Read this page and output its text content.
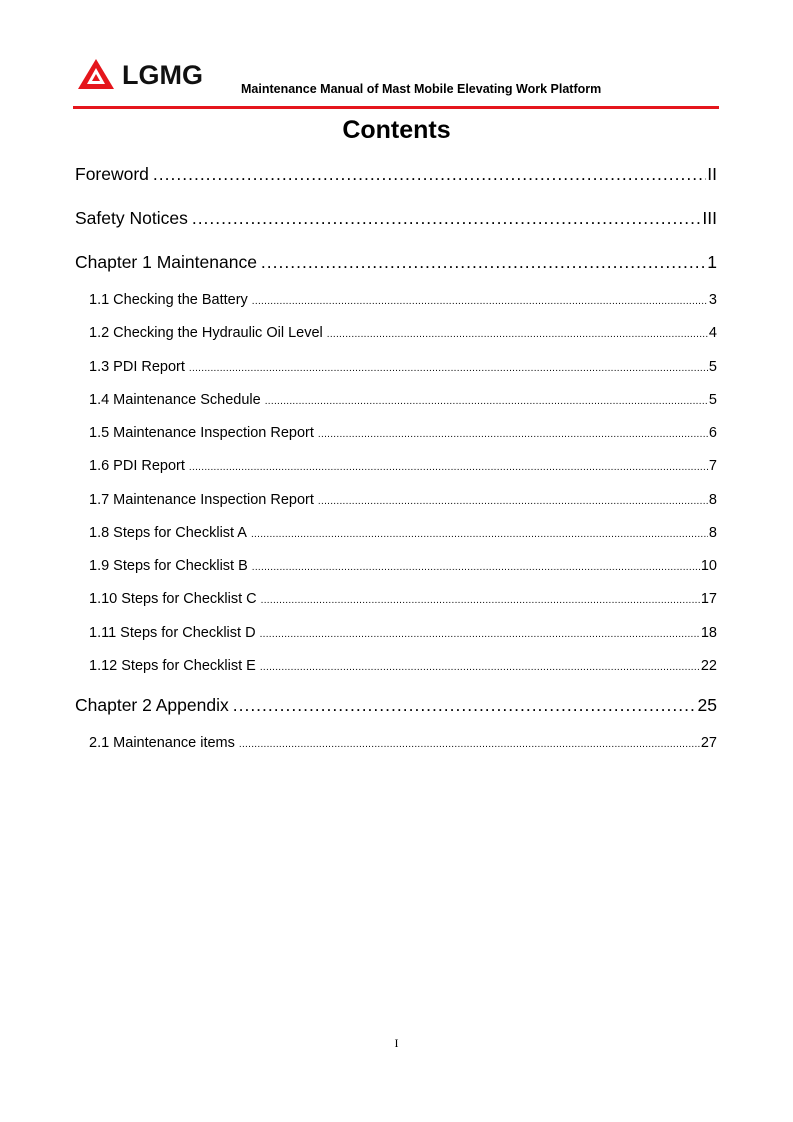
LGMG	Maintenance Manual of Mast Mobile Elevating Work Platform
Contents
Foreword .....	II
Safety Notices .....	III
Chapter 1 Maintenance .....	1
1.1 Checking the Battery .....	3
1.2 Checking the Hydraulic Oil Level .....	4
1.3 PDI Report .....	5
1.4 Maintenance Schedule .....	5
1.5 Maintenance Inspection Report .....	6
1.6 PDI Report .....	7
1.7 Maintenance Inspection Report .....	8
1.8 Steps for Checklist A .....	8
1.9 Steps for Checklist B .....	10
1.10 Steps for Checklist C .....	17
1.11 Steps for Checklist D .....	18
1.12 Steps for Checklist E .....	22
Chapter 2 Appendix .....	25
2.1 Maintenance items .....	27
I
